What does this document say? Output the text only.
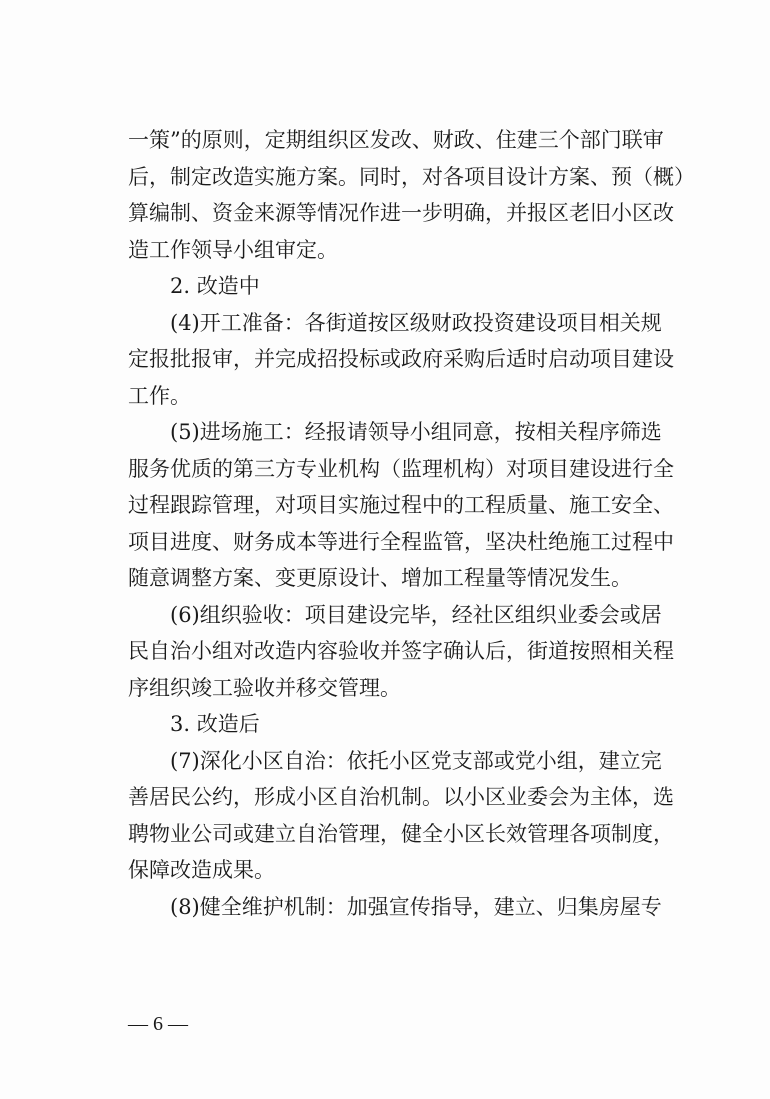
一策”的原则，定期组织区发改、财政、住建三个部门联审
后，制定改造实施方案。同时，对各项目设计方案、预（概）
算编制、资金来源等情况作进一步明确，并报区老旧小区改
造工作领导小组审定。
2. 改造中
(4)开工准备：各街道按区级财政投资建设项目相关规
定报批报审，并完成招投标或政府采购后适时启动项目建设
工作。
(5)进场施工：经报请领导小组同意，按相关程序筛选
服务优质的第三方专业机构（监理机构）对项目建设进行全
过程跟踪管理，对项目实施过程中的工程质量、施工安全、
项目进度、财务成本等进行全程监管，坚决杜绝施工过程中
随意调整方案、变更原设计、增加工程量等情况发生。
(6)组织验收：项目建设完毕，经社区组织业委会或居
民自治小组对改造内容验收并签字确认后，街道按照相关程
序组织竣工验收并移交管理。
3. 改造后
(7)深化小区自治：依托小区党支部或党小组，建立完
善居民公约，形成小区自治机制。以小区业委会为主体，选
聘物业公司或建立自治管理，健全小区长效管理各项制度，
保障改造成果。
(8)健全维护机制：加强宣传指导，建立、归集房屋专
— 6 —
